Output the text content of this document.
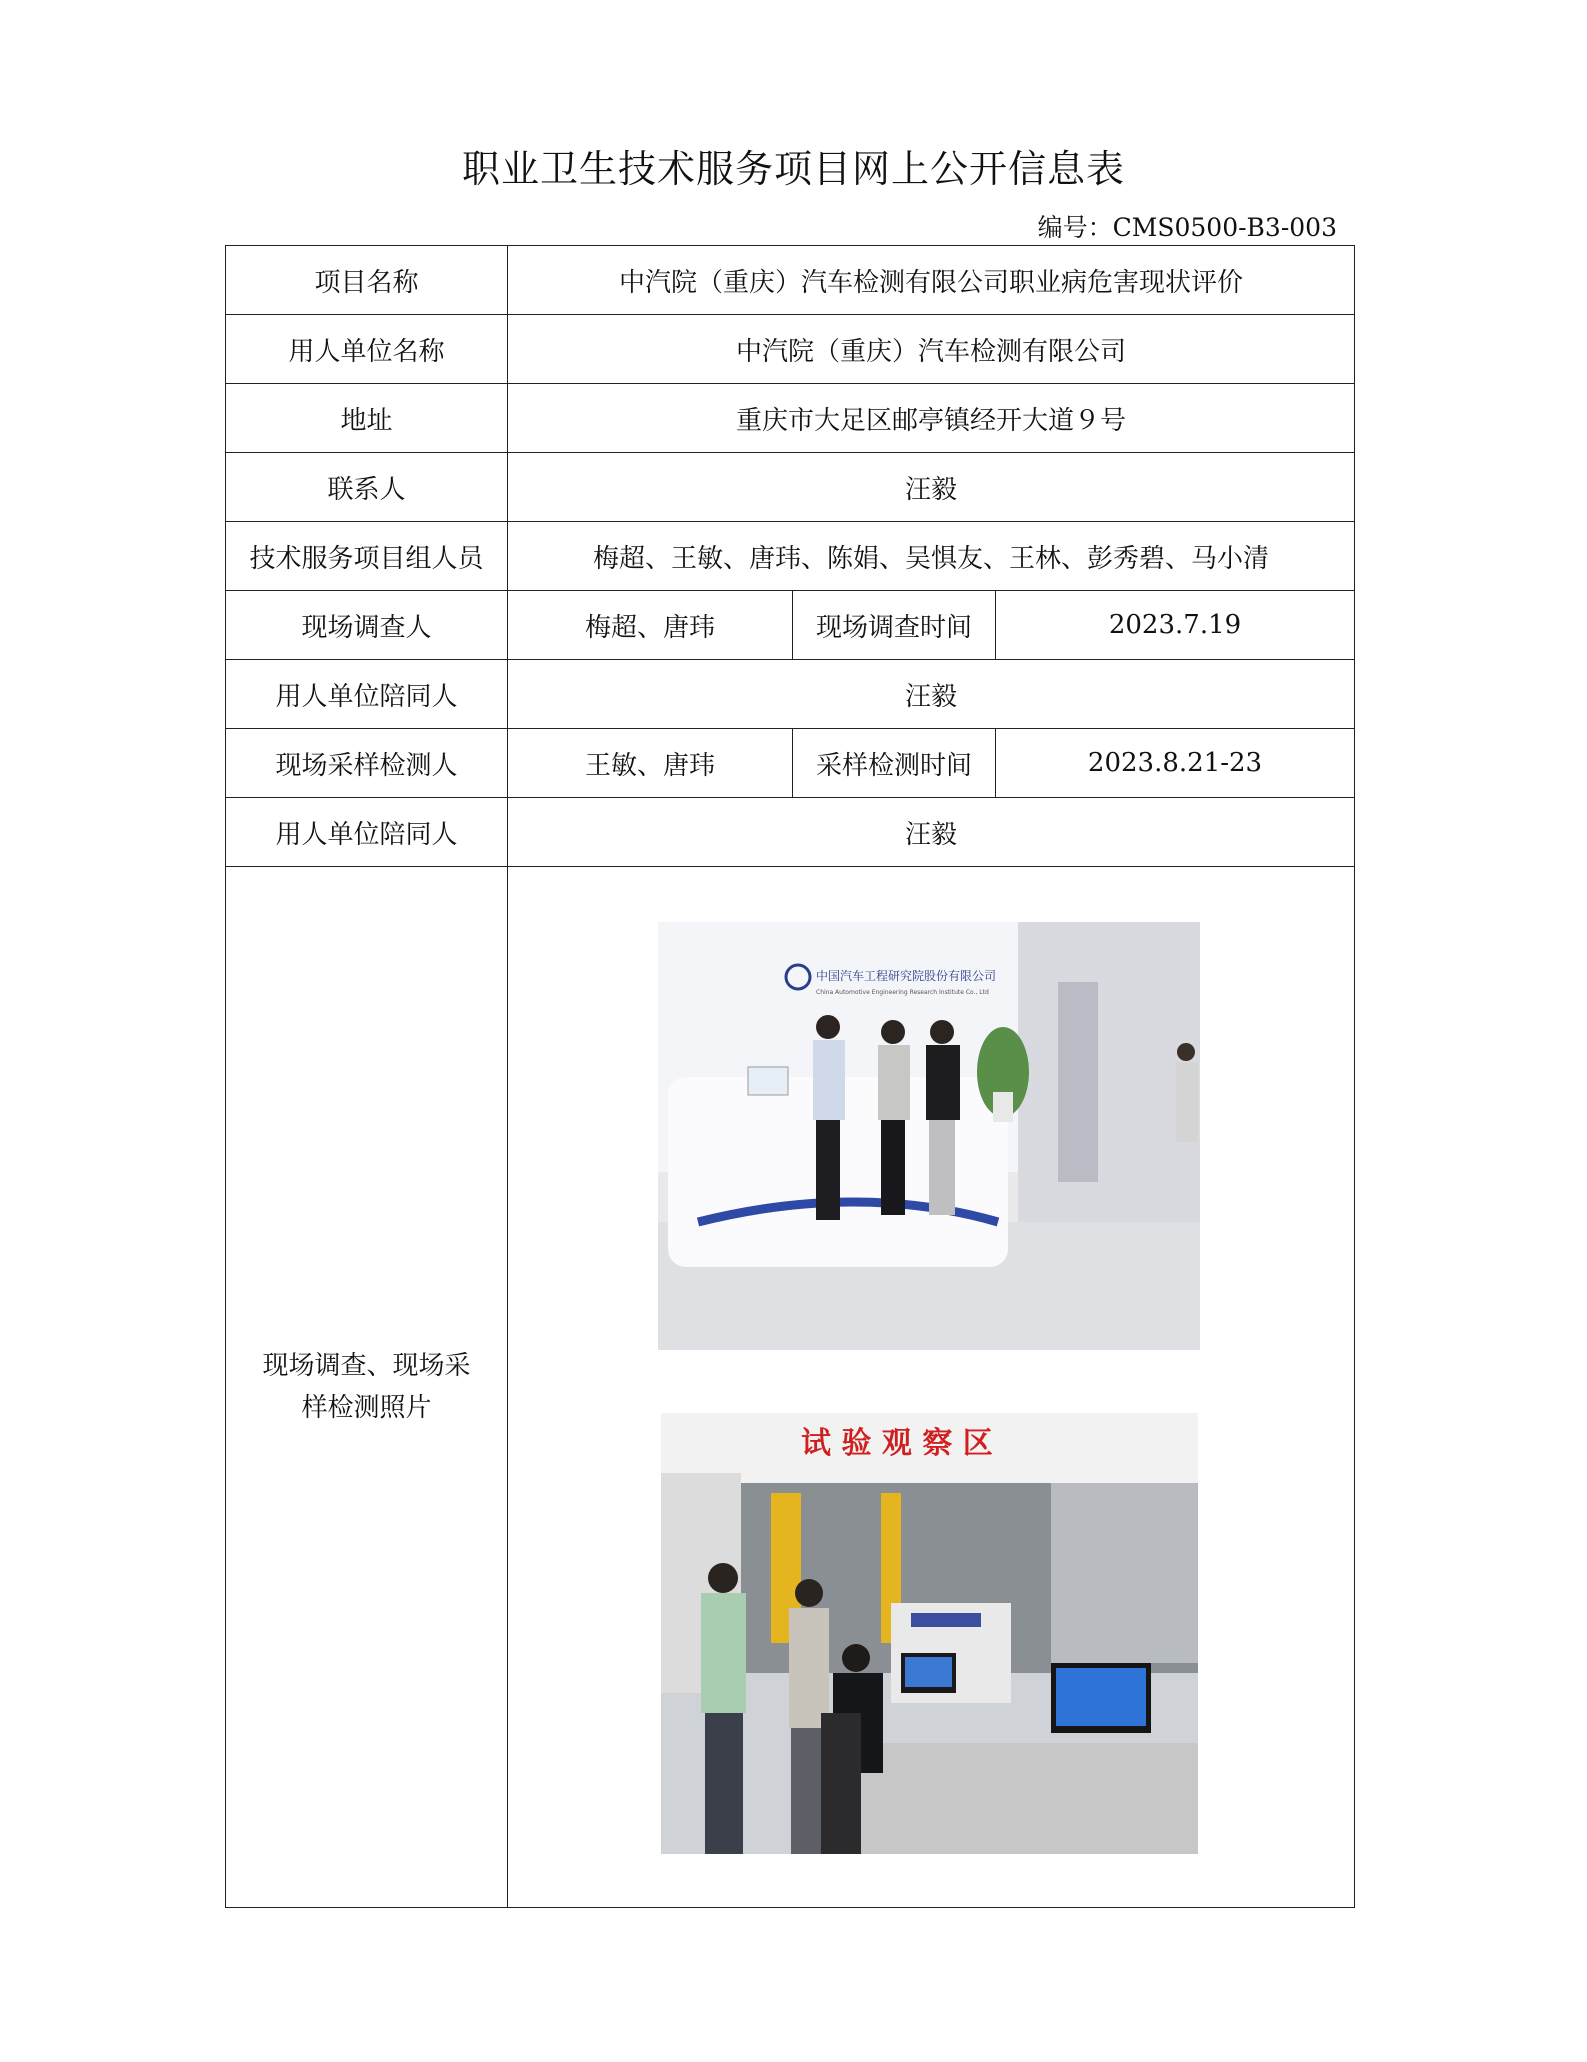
职业卫生技术服务项目网上公开信息表
编号：CMS0500-B3-003
项目名称	中汽院（重庆）汽车检测有限公司职业病危害现状评价		
用人单位名称	中汽院（重庆）汽车检测有限公司		
地址	重庆市大足区邮亭镇经开大道９号		
联系人	汪毅		
技术服务项目组人员	梅超、王敏、唐玮、陈娟、吴惧友、王林、彭秀碧、马小清		
现场调查人	梅超、唐玮	现场调查时间	2023.7.19
用人单位陪同人	汪毅		
现场采样检测人	王敏、唐玮	采样检测时间	2023.8.21-23
用人单位陪同人	汪毅		

现场调查、现场采样检测照片	中国汽车工程研究院股份有限公司
China Automotive Engineering Research Institute Co., Ltd
试 验 观 察 区		
